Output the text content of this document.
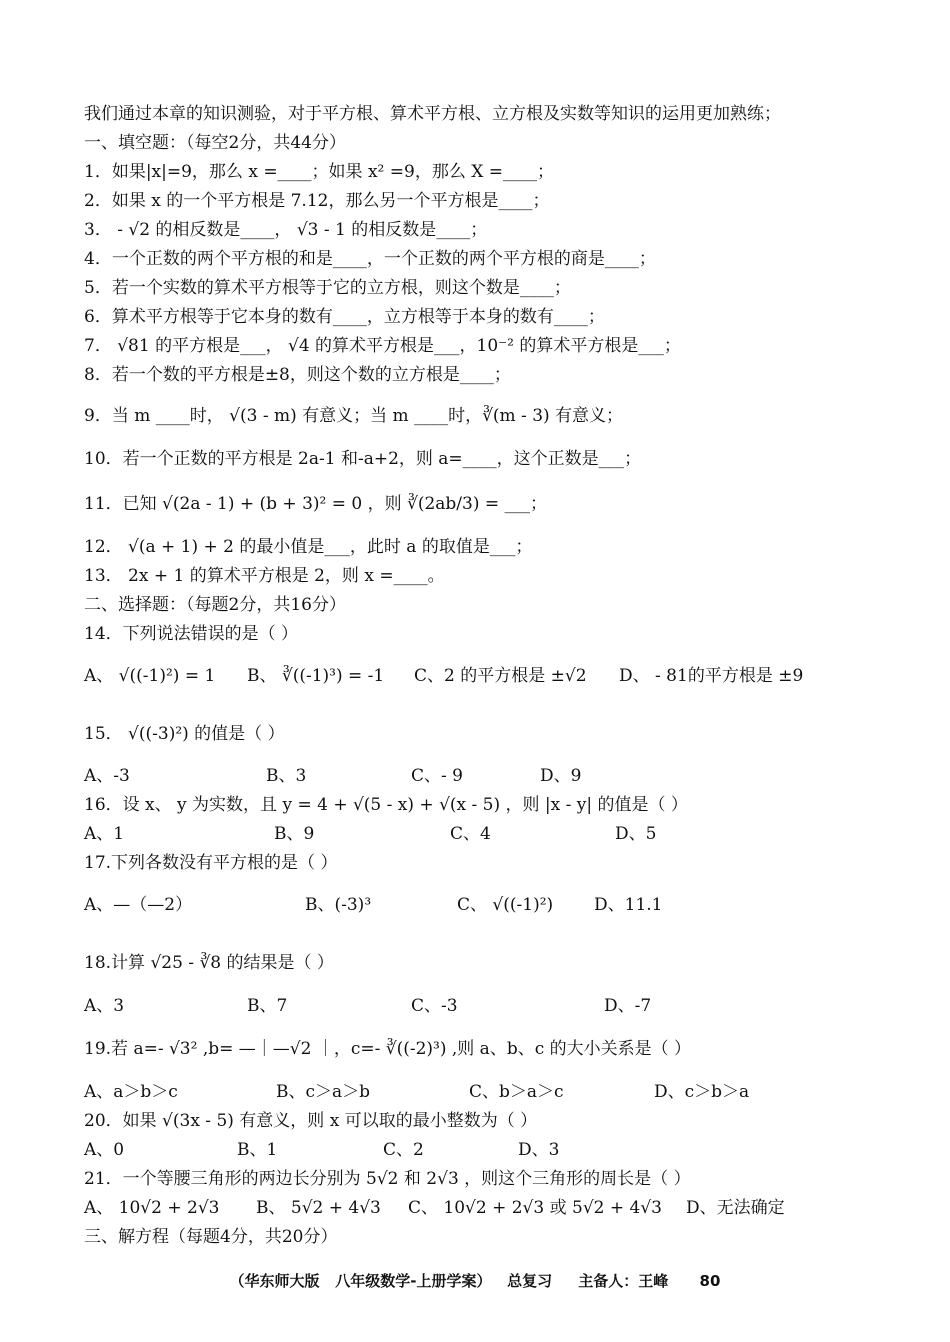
我们通过本章的知识测验，对于平方根、算术平方根、立方根及实数等知识的运用更加熟练；
一、填空题：（每空2分，共44分）
1．如果|x|=9，那么 x =____；如果 x² =9，那么 X =____；
2．如果 x 的一个平方根是 7.12，那么另一个平方根是____；
3． - √2 的相反数是____， √3 - 1 的相反数是____；
4．一个正数的两个平方根的和是____，一个正数的两个平方根的商是____；
5．若一个实数的算术平方根等于它的立方根，则这个数是____；
6．算术平方根等于它本身的数有____，立方根等于本身的数有____；
7． √81 的平方根是___， √4 的算术平方根是___，10⁻² 的算术平方根是___；
8．若一个数的平方根是±8，则这个数的立方根是____；
9．当 m ____时， √(3 - m) 有意义；当 m ____时，∛(m - 3) 有意义；
10．若一个正数的平方根是 2a-1 和-a+2，则 a=____，这个正数是___；
11．已知 √(2a - 1) + (b + 3)² = 0 ，则 ∛(2ab/3) = ___；
12． √(a + 1) + 2 的最小值是___，此时 a 的取值是___；
13． 2x + 1 的算术平方根是 2，则 x =____。
二、选择题：（每题2分，共16分）
14．下列说法错误的是（ ）
15． √((-3)²) 的值是（ ）
16．设 x、 y 为实数，且 y = 4 + √(5 - x) + √(x - 5) ，则 |x - y| 的值是（ ）
17.下列各数没有平方根的是（ ）
18.计算 √25 - ∛8 的结果是（ ）
19.若 a=- √3² ,b= —｜—√2 ｜，c=- ∛((-2)³) ,则 a、b、c 的大小关系是（ ）
20．如果 √(3x - 5) 有意义，则 x 可以取的最小整数为（ ）
21．一个等腰三角形的两边长分别为 5√2 和 2√3 ，则这个三角形的周长是（ ）
三、解方程（每题4分，共20分）
A、 √((-1)²) = 1 B、 ∛((-1)³) = -1 C、2 的平方根是 ±√2 D、 - 81的平方根是 ±9
A、-3	B、3	C、- 9	D、9
A、1	B、9	C、4	D、5
A、—（—2）	B、(-3)³	C、 √((-1)²) D、11.1
A、3	B、7	C、-3	D、-7
A、a＞b＞c	B、c＞a＞b	C、b＞a＞c	D、c＞b＞a
A、0	B、1	C、2	D、3
A、 10√2 + 2√3 B、 5√2 + 4√3 C、 10√2 + 2√3 或 5√2 + 4√3 D、无法确定
（华东师大版   八年级数学-上册学案）   总复习     主备人：王峰      80
